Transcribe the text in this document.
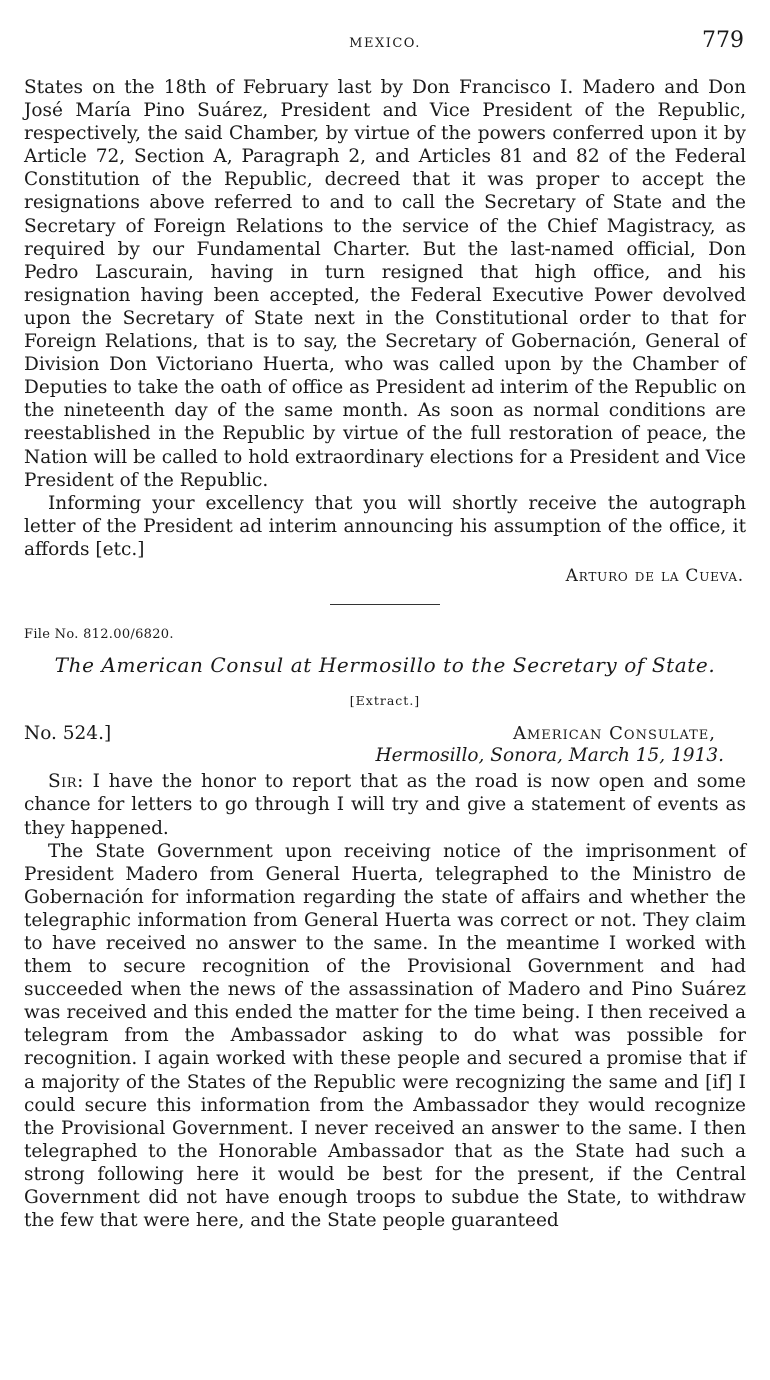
MEXICO.	779

States on the 18th of February last by Don Francisco I. Madero and Don José María Pino Suárez, President and Vice President of the Republic, respectively, the said Chamber, by virtue of the powers conferred upon it by Article 72, Section A, Paragraph 2, and Articles 81 and 82 of the Federal Constitution of the Republic, decreed that it was proper to accept the resignations above referred to and to call the Secretary of State and the Secretary of Foreign Relations to the service of the Chief Magistracy, as required by our Fundamental Charter. But the last-named official, Don Pedro Lascurain, having in turn resigned that high office, and his resignation having been accepted, the Federal Executive Power devolved upon the Secretary of State next in the Constitutional order to that for Foreign Relations, that is to say, the Secretary of Gobernación, General of Division Don Victoriano Huerta, who was called upon by the Chamber of Deputies to take the oath of office as President ad interim of the Republic on the nineteenth day of the same month. As soon as normal conditions are reestablished in the Republic by virtue of the full restoration of peace, the Nation will be called to hold extraordinary elections for a President and Vice President of the Republic.

Informing your excellency that you will shortly receive the autograph letter of the President ad interim announcing his assumption of the office, it affords [etc.]

Arturo de la Cueva.

File No. 812.00/6820.

The American Consul at Hermosillo to the Secretary of State.

[Extract.]

No. 524.]	American Consulate,
Hermosillo, Sonora, March 15, 1913.

Sir: I have the honor to report that as the road is now open and some chance for letters to go through I will try and give a statement of events as they happened.

The State Government upon receiving notice of the imprisonment of President Madero from General Huerta, telegraphed to the Ministro de Gobernación for information regarding the state of affairs and whether the telegraphic information from General Huerta was correct or not. They claim to have received no answer to the same. In the meantime I worked with them to secure recognition of the Provisional Government and had succeeded when the news of the assassination of Madero and Pino Suárez was received and this ended the matter for the time being. I then received a telegram from the Ambassador asking to do what was possible for recognition. I again worked with these people and secured a promise that if a majority of the States of the Republic were recognizing the same and [if] I could secure this information from the Ambassador they would recognize the Provisional Government. I never received an answer to the same. I then telegraphed to the Honorable Ambassador that as the State had such a strong following here it would be best for the present, if the Central Government did not have enough troops to subdue the State, to withdraw the few that were here, and the State people guaranteed
